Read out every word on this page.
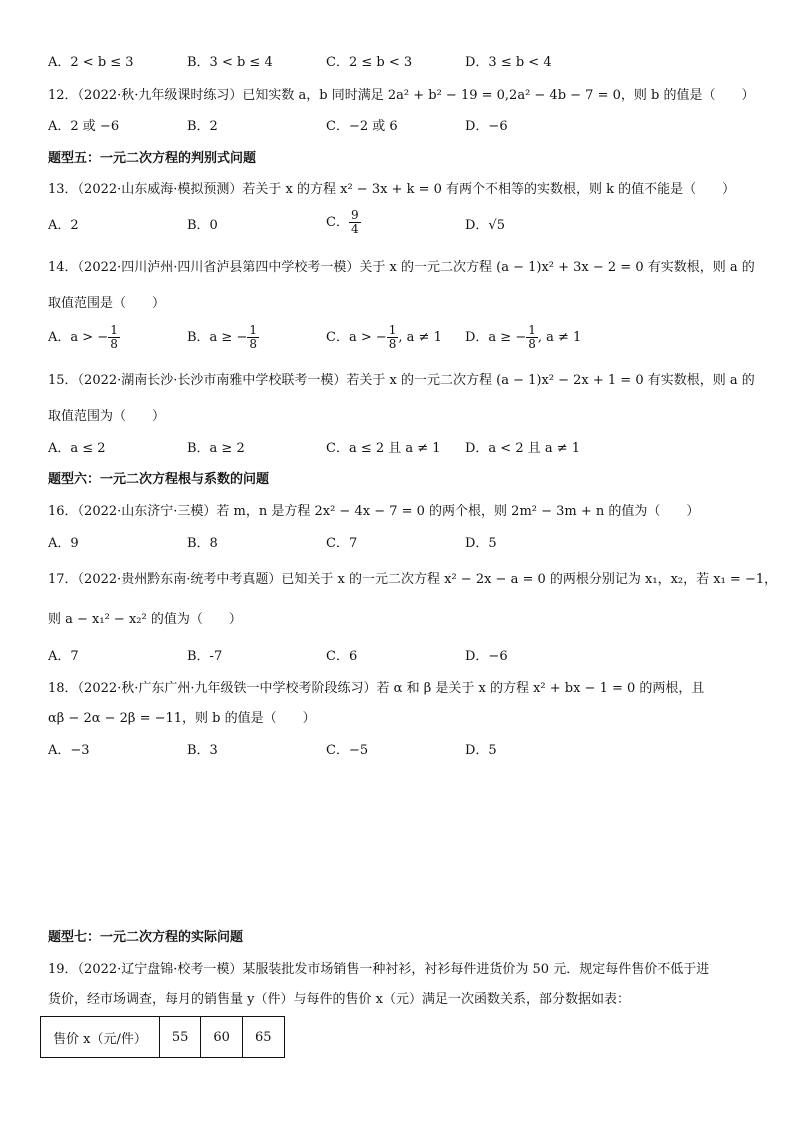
A．2 < b ≤ 3	B．3 < b ≤ 4	C．2 ≤ b < 3	D．3 ≤ b < 4
12．（2022·秋·九年级课时练习）已知实数 a，b 同时满足 2a² + b² − 19 = 0,2a² − 4b − 7 = 0，则 b 的值是（　　）
A．2 或 −6	B．2	C．−2 或 6	D．−6
题型五：一元二次方程的判别式问题
13．（2022·山东威海·模拟预测）若关于 x 的方程 x² − 3x + k = 0 有两个不相等的实数根，则 k 的值不能是（　　）
A．2	B．0	C． $\frac{9}{4}$	D．√5
14．（2022·四川泸州·四川省泸县第四中学校考一模）关于 x 的一元二次方程 (a − 1)x² + 3x − 2 = 0 有实数根，则 a 的
取值范围是（　　）
A．a > − $\frac{1}{8}$	B．a ≥ − $\frac{1}{8}$	C．a > − $\frac{1}{8}$ , a ≠ 1 D．a ≥ − $\frac{1}{8}$ , a ≠ 1
15．（2022·湖南长沙·长沙市南雅中学校联考一模）若关于 x 的一元二次方程 (a − 1)x² − 2x + 1 = 0 有实数根，则 a 的
取值范围为（　　）
A．a ≤ 2	B．a ≥ 2	C．a ≤ 2 且 a ≠ 1 D．a < 2 且 a ≠ 1
题型六：一元二次方程根与系数的问题
16．（2022·山东济宁·三模）若 m，n 是方程 2x² − 4x − 7 = 0 的两个根，则 2m² − 3m + n 的值为（　　）
A．9	B．8	C．7	D．5
17．（2022·贵州黔东南·统考中考真题）已知关于 x 的一元二次方程 x² − 2x − a = 0 的两根分别记为 x₁，x₂，若 x₁ = −1，
则 a − x₁² − x₂² 的值为（　　）
A．7	B．-7	C．6	D．−6
18．（2022·秋·广东广州·九年级铁一中学校考阶段练习）若 α 和 β 是关于 x 的方程 x² + bx − 1 = 0 的两根，且
αβ − 2α − 2β = −11，则 b 的值是（　　）
A．−3	B．3	C．−5	D．5
题型七：一元二次方程的实际问题
19．（2022·辽宁盘锦·校考一模）某服装批发市场销售一种衬衫，衬衫每件进货价为 50 元．规定每件售价不低于进
货价，经市场调查，每月的销售量 y（件）与每件的售价 x（元）满足一次函数关系，部分数据如表：
售价 x（元/件）	55	60	65
